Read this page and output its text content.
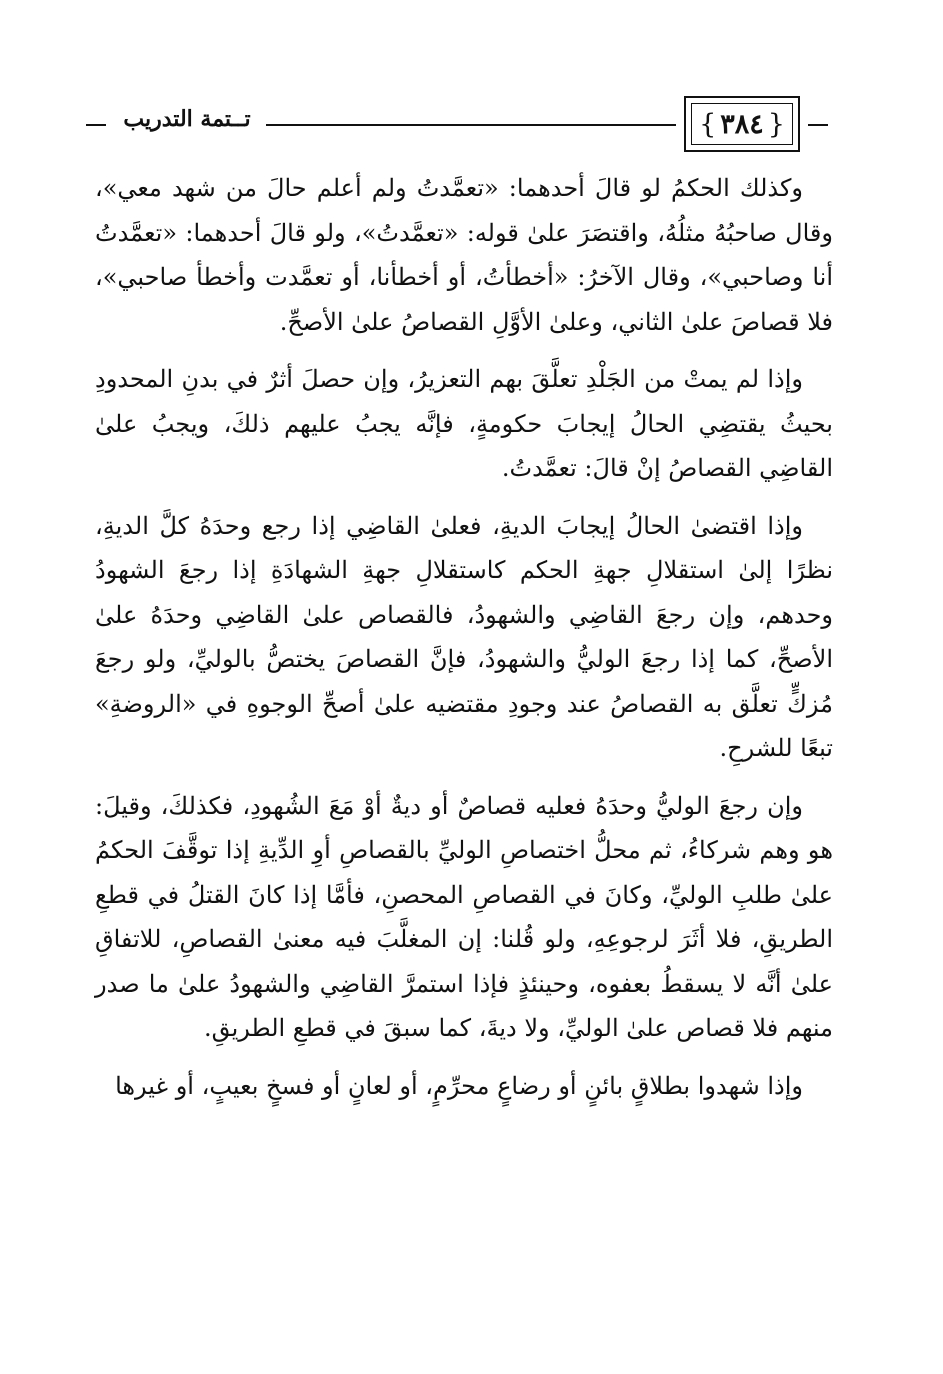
تــتمة التدريب	{
٣٨٤
}

وكذلك الحكمُ لو قالَ أحدهما: «تعمَّدتُ ولم أعلم حالَ من شهد معي»، وقال صاحبُهُ مثلُهُ، واقتصَرَ علىٰ قوله: «تعمَّدتُ»، ولو قالَ أحدهما: «تعمَّدتُ أنا وصاحبي»، وقال الآخرُ: «أخطأتُ، أو أخطأنا، أو تعمَّدت وأخطأ صاحبي»، فلا قصاصَ علىٰ الثاني، وعلىٰ الأوَّلِ القصاصُ علىٰ الأصحِّ.

وإذا لم يمتْ من الجَلْدِ تعلَّقَ بهم التعزيرُ، وإن حصلَ أثرٌ في بدنِ المحدودِ بحيثُ يقتضِي الحالُ إيجابَ حكومةٍ، فإنَّه يجبُ عليهم ذلكَ، ويجبُ علىٰ القاضِي القصاصُ إنْ قالَ: تعمَّدتُ.

وإذا اقتضىٰ الحالُ إيجابَ الديةِ، فعلىٰ القاضِي إذا رجع وحدَهُ كلَّ الديةِ، نظرًا إلىٰ استقلالِ جهةِ الحكم كاستقلالِ جهةِ الشهادَةِ إذا رجعَ الشهودُ وحدهم، وإن رجعَ القاضِي والشهودُ، فالقصاص علىٰ القاضِي وحدَهُ علىٰ الأصحِّ، كما إذا رجعَ الوليُّ والشهودُ، فإنَّ القصاصَ يختصُّ بالوليِّ، ولو رجعَ مُزكٍّ تعلَّق به القصاصُ عند وجودِ مقتضيه علىٰ أصحِّ الوجوهِ في «الروضةِ» تبعًا للشرحِ.

وإن رجعَ الوليُّ وحدَهُ فعليه قصاصٌ أو ديةٌ أوْ مَعَ الشُهودِ، فكذلكَ، وقيلَ: هو وهم شركاءُ، ثم محلُّ اختصاصِ الوليِّ بالقصاصِ أوِ الدِّيةِ إذا توقَّفَ الحكمُ علىٰ طلبِ الوليِّ، وكانَ في القصاصِ المحصنِ، فأمَّا إذا كانَ القتلُ في قطعِ الطريقِ، فلا أثَرَ لرجوعِهِ، ولو قُلنا: إن المغلَّبَ فيه معنىٰ القصاصِ، للاتفاقِ علىٰ أنَّه لا يسقطُ بعفوه، وحينئذٍ فإذا استمرَّ القاضِي والشهودُ علىٰ ما صدر منهم فلا قصاص علىٰ الوليِّ، ولا ديةَ، كما سبقَ في قطعِ الطريقِ.

وإذا شهدوا بطلاقٍ بائنٍ أو رضاعٍ محرِّمٍ، أو لعانٍ أو فسخٍ بعيبٍ، أو غيرها
